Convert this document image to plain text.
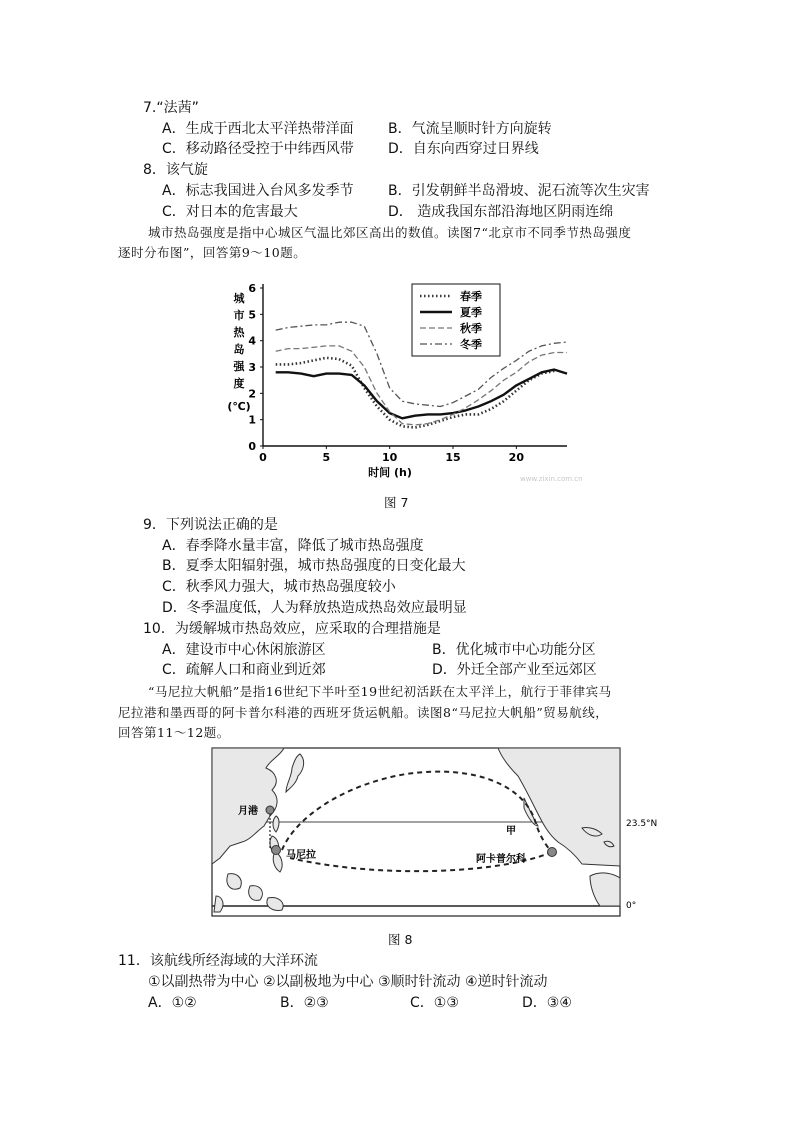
7.“法茜”
A．生成于西北太平洋热带洋面 B．气流呈顺时针方向旋转
C．移动路径受控于中纬西风带 D．自东向西穿过日界线
8．该气旋
A．标志我国进入台风多发季节 B．引发朝鲜半岛滑坡、泥石流等次生灾害
C．对日本的危害最大	D． 造成我国东部沿海地区阴雨连绵
城市热岛强度是指中心城区气温比郊区高出的数值。读图7“北京市不同季节热岛强度
逐时分布图”，回答第9～10题。
城
市
热
岛
强
度
(℃)
0
1
2
3
4
5
6
0	5	10	15	20
春季
夏季
秋季
冬季
时间 (h)	www.zixin.com.cn
图 7
9．下列说法正确的是
A．春季降水量丰富，降低了城市热岛强度
B．夏季太阳辐射强，城市热岛强度的日变化最大
C．秋季风力强大，城市热岛强度较小
D．冬季温度低，人为释放热造成热岛效应最明显
10．为缓解城市热岛效应，应采取的合理措施是
A．建设市中心休闲旅游区	B．优化城市中心功能分区
C．疏解人口和商业到近郊	D．外迁全部产业至远郊区
“马尼拉大帆船”是指16世纪下半叶至19世纪初活跃在太平洋上，航行于菲律宾马
尼拉港和墨西哥的阿卡普尔科港的西班牙货运帆船。读图8“马尼拉大帆船”贸易航线，
回答第11～12题。
月港
马尼拉
甲
阿卡普尔科
23.5°N
0°
图 8
11．该航线所经海域的大洋环流
①以副热带为中心 ②以副极地为中心 ③顺时针流动 ④逆时针流动
A．①②	B．②③	C．①③	D．③④
